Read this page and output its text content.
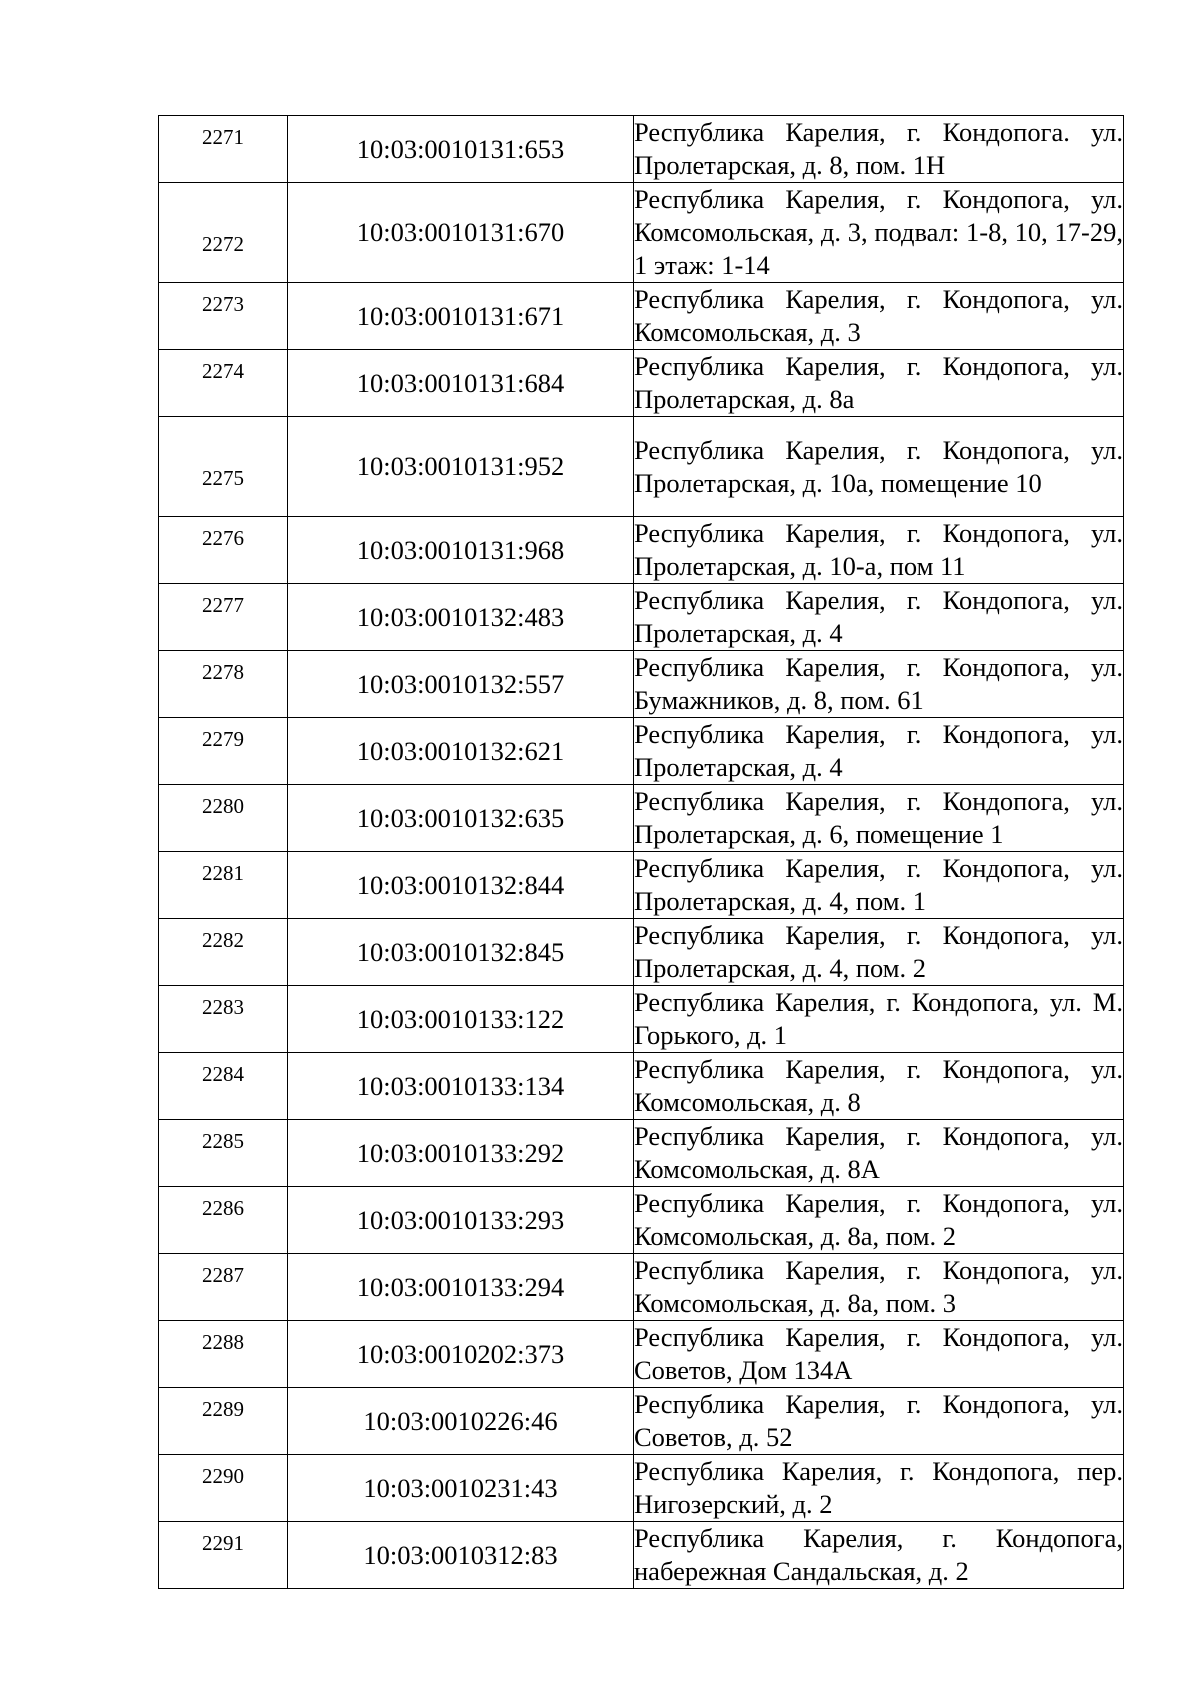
2271	10:03:0010131:653	Республика Карелия, г. Кондопога. ул. Пролетарская, д. 8, пом. 1Н

2272	10:03:0010131:670	Республика Карелия, г. Кондопога, ул. Комсомольская, д. 3, подвал: 1-8, 10, 17-29, 1 этаж: 1-14

2273	10:03:0010131:671	Республика Карелия, г. Кондопога, ул. Комсомольская, д. 3

2274	10:03:0010131:684	Республика Карелия, г. Кондопога, ул. Пролетарская, д. 8а

2275	10:03:0010131:952	Республика Карелия, г. Кондопога, ул. Пролетарская, д. 10а, помещение 10

2276	10:03:0010131:968	Республика Карелия, г. Кондопога, ул. Пролетарская, д. 10-а, пом 11

2277	10:03:0010132:483	Республика Карелия, г. Кондопога, ул. Пролетарская, д. 4

2278	10:03:0010132:557	Республика Карелия, г. Кондопога, ул. Бумажников, д. 8, пом. 61

2279	10:03:0010132:621	Республика Карелия, г. Кондопога, ул. Пролетарская, д. 4

2280	10:03:0010132:635	Республика Карелия, г. Кондопога, ул. Пролетарская, д. 6, помещение 1

2281	10:03:0010132:844	Республика Карелия, г. Кондопога, ул. Пролетарская, д. 4, пом. 1

2282	10:03:0010132:845	Республика Карелия, г. Кондопога, ул. Пролетарская, д. 4, пом. 2

2283	10:03:0010133:122	Республика Карелия, г. Кондопога, ул. М. Горького, д. 1

2284	10:03:0010133:134	Республика Карелия, г. Кондопога, ул. Комсомольская, д. 8

2285	10:03:0010133:292	Республика Карелия, г. Кондопога, ул. Комсомольская, д. 8А

2286	10:03:0010133:293	Республика Карелия, г. Кондопога, ул. Комсомольская, д. 8а, пом. 2

2287	10:03:0010133:294	Республика Карелия, г. Кондопога, ул. Комсомольская, д. 8а, пом. 3

2288	10:03:0010202:373	Республика Карелия, г. Кондопога, ул. Советов, Дом 134А

2289	10:03:0010226:46	Республика Карелия, г. Кондопога, ул. Советов, д. 52

2290	10:03:0010231:43	Республика Карелия, г. Кондопога, пер. Нигозерский, д. 2

2291	10:03:0010312:83	Республика Карелия, г. Кондопога, набережная Сандальская, д. 2
